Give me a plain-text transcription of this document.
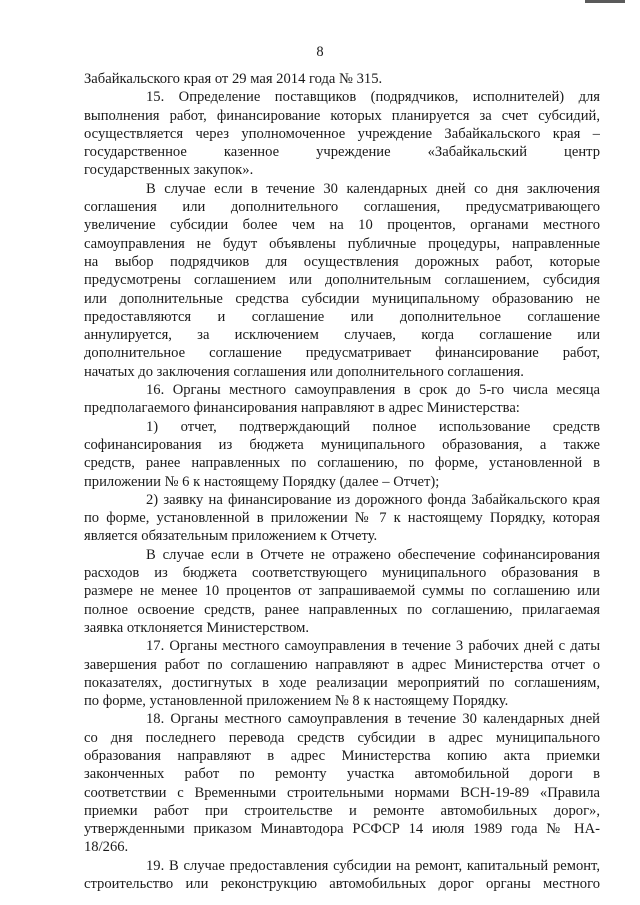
8
Забайкальского края от 29 мая 2014 года № 315.
15. Определение поставщиков (подрядчиков, исполнителей) для
выполнения работ, финансирование которых планируется за счет субсидий,
осуществляется через уполномоченное учреждение Забайкальского края –
государственное казенное учреждение «Забайкальский центр
государственных закупок».
В случае если в течение 30 календарных дней со дня заключения
соглашения или дополнительного соглашения, предусматривающего
увеличение субсидии более чем на 10 процентов, органами местного
самоуправления не будут объявлены публичные процедуры, направленные
на выбор подрядчиков для осуществления дорожных работ, которые
предусмотрены соглашением или дополнительным соглашением, субсидия
или дополнительные средства субсидии муниципальному образованию не
предоставляются и соглашение или дополнительное соглашение
аннулируется, за исключением случаев, когда соглашение или
дополнительное соглашение предусматривает финансирование работ,
начатых до заключения соглашения или дополнительного соглашения.
16. Органы местного самоуправления в срок до 5-го числа месяца
предполагаемого финансирования направляют в адрес Министерства:
1) отчет, подтверждающий полное использование средств
софинансирования из бюджета муниципального образования, а также
средств, ранее направленных по соглашению, по форме, установленной в
приложении № 6 к настоящему Порядку (далее – Отчет);
2) заявку на финансирование из дорожного фонда Забайкальского края
по форме, установленной в приложении № 7 к настоящему Порядку, которая
является обязательным приложением к Отчету.
В случае если в Отчете не отражено обеспечение софинансирования
расходов из бюджета соответствующего муниципального образования в
размере не менее 10 процентов от запрашиваемой суммы по соглашению или
полное освоение средств, ранее направленных по соглашению, прилагаемая
заявка отклоняется Министерством.
17. Органы местного самоуправления в течение 3 рабочих дней с даты
завершения работ по соглашению направляют в адрес Министерства отчет о
показателях, достигнутых в ходе реализации мероприятий по соглашениям,
по форме, установленной приложением № 8 к настоящему Порядку.
18. Органы местного самоуправления в течение 30 календарных дней
со дня последнего перевода средств субсидии в адрес муниципального
образования направляют в адрес Министерства копию акта приемки
законченных работ по ремонту участка автомобильной дороги в
соответствии с Временными строительными нормами ВСН-19-89 «Правила
приемки работ при строительстве и ремонте автомобильных дорог»,
утвержденными приказом Минавтодора РСФСР 14 июля 1989 года № НА-
18/266.
19. В случае предоставления субсидии на ремонт, капитальный ремонт,
строительство или реконструкцию автомобильных дорог органы местного
